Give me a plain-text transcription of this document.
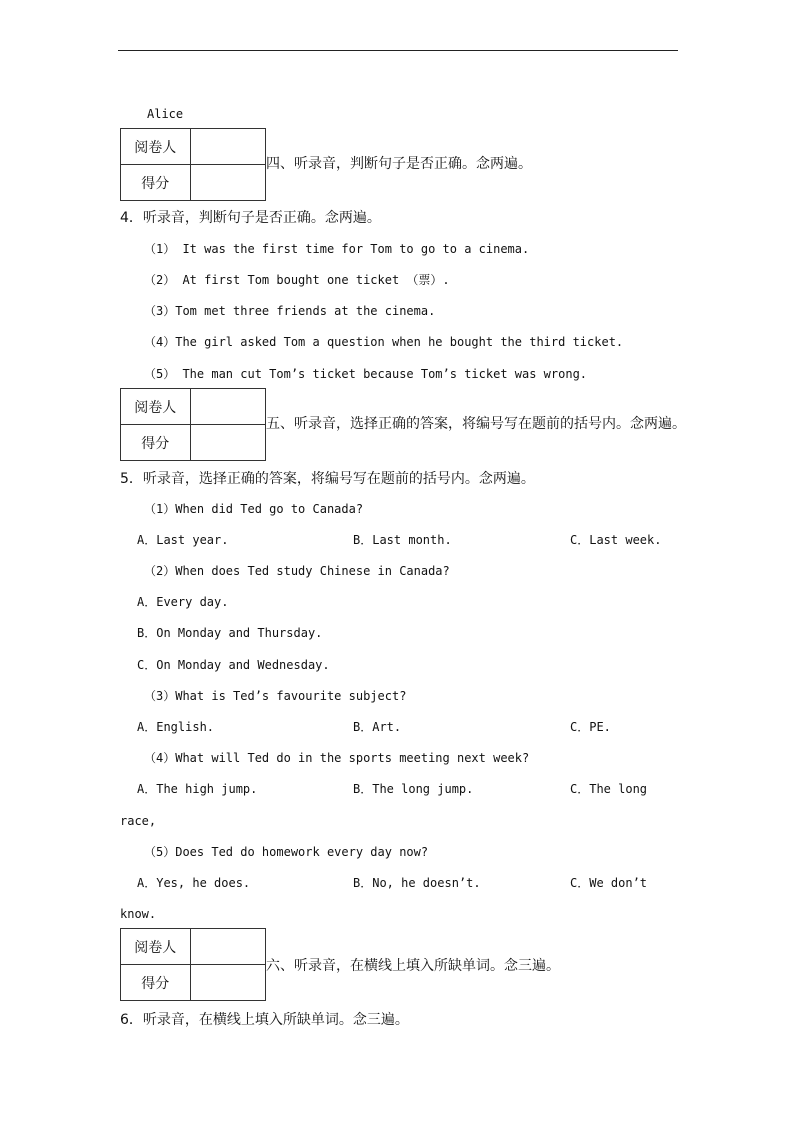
Alice
阅卷人	
得分	
四、听录音，判断句子是否正确。念两遍。
4．听录音，判断句子是否正确。念两遍。
（1） It was the first time for Tom to go to a cinema.
（2） At first Tom bought one ticket （票）.
（3）Tom met three friends at the cinema.
（4）The girl asked Tom a question when he bought the third ticket.
（5） The man cut Tom’s ticket because Tom’s ticket was wrong.
阅卷人	
得分	
五、听录音，选择正确的答案，将编号写在题前的括号内。念两遍。
5．听录音，选择正确的答案，将编号写在题前的括号内。念两遍。
（1）When did Ted go to Canada?
A．Last year.	B．Last month.	C．Last week.
（2）When does Ted study Chinese in Canada?
A．Every day.
B．On Monday and Thursday.
C．On Monday and Wednesday.
（3）What is Ted’s favourite subject?
A．English.	B．Art.	C．PE.
（4）What will Ted do in the sports meeting next week?
A．The high jump.	B．The long jump.	C．The long
race,
（5）Does Ted do homework every day now?
A．Yes, he does.	B．No, he doesn’t.	C．We don’t
know.
阅卷人	
得分	
六、听录音，在横线上填入所缺单词。念三遍。
6．听录音，在横线上填入所缺单词。念三遍。
